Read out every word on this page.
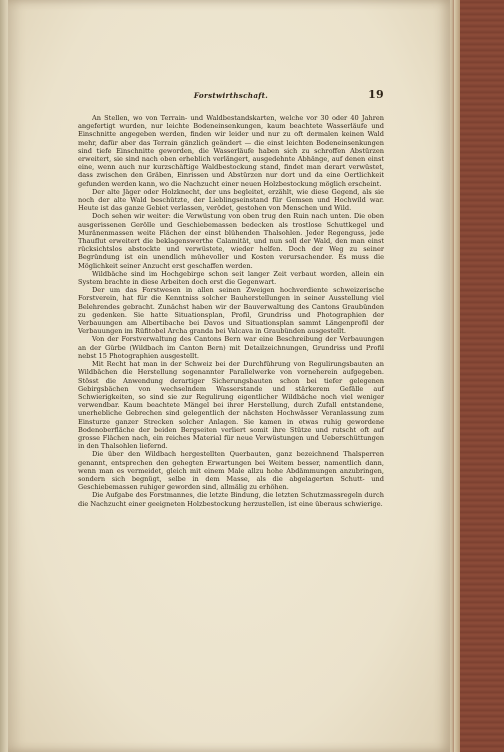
Forstwirthschaft.	19

An Stellen, wo von Terrain- und Waldbestandskarten, welche vor 30 oder 40 Jahren angefertigt wurden, nur leichte Bodeneinsenkungen, kaum beachtete Wasserläufe und Einschnitte angegeben werden, finden wir leider und nur zu oft dermalen keinen Wald mehr, dafür aber das Terrain gänzlich geändert — die einst leichten Bodeneinsenkungen sind tiefe Einschnitte geworden, die Wasserläufe haben sich zu schroffen Abstürzen erweitert, sie sind nach oben erheblich verlängert, ausgedehnte Abhänge, auf denen einst eine, wenn auch nur kurzschäftige Waldbestockung stand, findet man derart verwüstet, dass zwischen den Gräben, Einrissen und Abstürzen nur dort und da eine Oertlichkeit gefunden werden kann, wo die Nachzucht einer neuen Holzbestockung möglich erscheint.

Der alte Jäger oder Holzknecht, der uns begleitet, erzählt, wie diese Gegend, als sie noch der alte Wald beschützte, der Lieblingseinstand für Gemsen und Hochwild war. Heute ist das ganze Gebiet verlassen, verödet, gestohen von Menschen und Wild.

Doch sehen wir weiter: die Verwüstung von oben trug den Ruin nach unten. Die oben ausgerissenen Gerölle und Geschiebemassen bedecken als trostlose Schuttkegel und Muränenmassen weite Flächen der einst blühenden Thalsohlen. Jeder Regenguss, jede Thauflut erweitert die beklagenswerthe Calamität, und nun soll der Wald, den man einst rücksichtslos abstockte und verwüstete, wieder helfen. Doch der Weg zu seiner Begründung ist ein unendlich mühevoller und Kosten verursachender. Es muss die Möglichkeit seiner Anzucht erst geschaffen werden.

Wildbäche sind im Hochgebirge schon seit langer Zeit verbaut worden, allein ein System brachte in diese Arbeiten doch erst die Gegenwart.

Der um das Forstwesen in allen seinen Zweigen hochverdiente schweizerische Forstverein, hat für die Kenntniss solcher Bauherstellungen in seiner Ausstellung viel Belehrendes gebracht. Zunächst haben wir der Bauverwaltung des Cantons Graubünden zu gedenken. Sie hatte Situationsplan, Profil, Grundriss und Photographien der Verbauungen am Albertibache bei Davos und Situationsplan sammt Längenprofil der Verbauungen im Rüfitobel Archa granda bei Valcava in Graubünden ausgestellt.

Von der Forstverwaltung des Cantons Bern war eine Beschreibung der Verbauungen an der Gürbe (Wildbach im Canton Bern) mit Detailzeichnungen, Grundriss und Profil nebst 15 Photographien ausgestellt.

Mit Recht hat man in der Schweiz bei der Durchführung von Regulirungsbauten an Wildbächen die Herstellung sogenannter Parallelwerke von vorneherein aufgegeben. Stösst die Anwendung derartiger Sicherungsbauten schon bei tiefer gelegenen Gebirgsbächen von wechselndem Wasserstande und stärkerem Gefälle auf Schwierigkeiten, so sind sie zur Regulirung eigentlicher Wildbäche noch viel weniger verwendbar. Kaum beachtete Mängel bei ihrer Herstellung, durch Zufall entstandene, unerhebliche Gebrechen sind gelegentlich der nächsten Hochwässer Veranlassung zum Einsturze ganzer Strecken solcher Anlagen. Sie kamen in etwas ruhig gewordene Bodenoberfläche der beiden Bergseiten verliert somit ihre Stütze und rutscht oft auf grosse Flächen nach, ein reiches Material für neue Verwüstungen und Ueberschüttungen in den Thalsohlen liefernd.

Die über den Wildbach hergestellten Querbauten, ganz bezeichnend Thalsperren genannt, entsprechen den gehegten Erwartungen bei Weitem besser, namentlich dann, wenn man es vermeidet, gleich mit einem Male allzu hohe Abdämmungen anzubringen, sondern sich begnügt, selbe in dem Masse, als die abgelagerten Schutt- und Geschiebemassen ruhiger geworden sind, allmälig zu erhöhen.

Die Aufgabe des Forstmannes, die letzte Bindung, die letzten Schutzmassregeln durch die Nachzucht einer geeigneten Holzbestockung herzustellen, ist eine überaus schwierige.
